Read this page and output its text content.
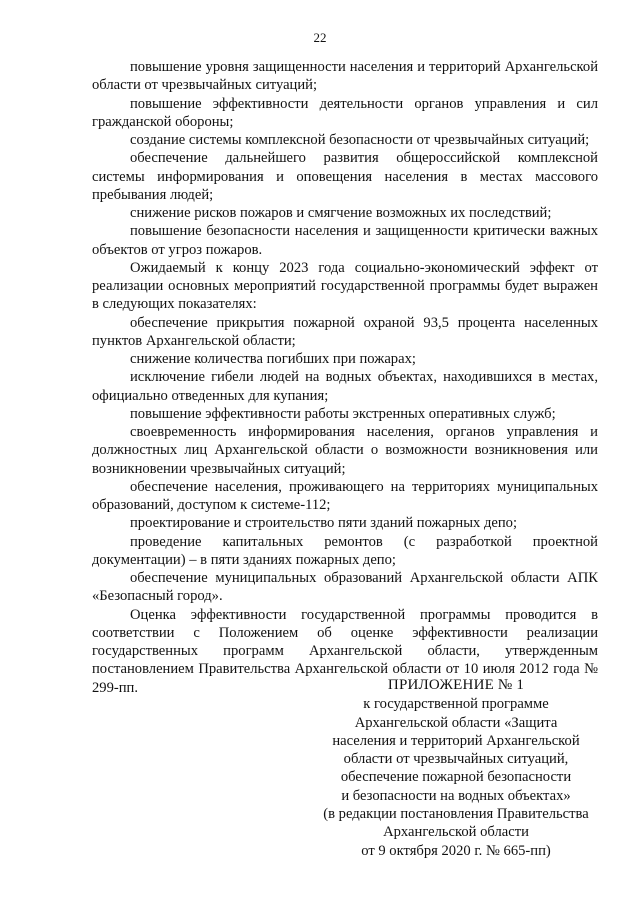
22

повышение уровня защищенности населения и территорий Архангельской области от чрезвычайных ситуаций;

повышение эффективности деятельности органов управления и сил гражданской обороны;

создание системы комплексной безопасности от чрезвычайных ситуаций;

обеспечение дальнейшего развития общероссийской комплексной системы информирования и оповещения населения в местах массового пребывания людей;

снижение рисков пожаров и смягчение возможных их последствий;

повышение безопасности населения и защищенности критически важных объектов от угроз пожаров.

Ожидаемый к концу 2023 года социально-экономический эффект от реализации основных мероприятий государственной программы будет выражен в следующих показателях:

обеспечение прикрытия пожарной охраной 93,5 процента населенных пунктов Архангельской области;

снижение количества погибших при пожарах;

исключение гибели людей на водных объектах, находившихся в местах, официально отведенных для купания;

повышение эффективности работы экстренных оперативных служб;

своевременность информирования населения, органов управления и должностных лиц Архангельской области о возможности возникновения или возникновении чрезвычайных ситуаций;

обеспечение населения, проживающего на территориях муниципальных образований, доступом к системе-112;

проектирование и строительство пяти зданий пожарных депо;

проведение капитальных ремонтов (с разработкой проектной документации) – в пяти зданиях пожарных депо;

обеспечение муниципальных образований Архангельской области АПК «Безопасный город».

Оценка эффективности государственной программы проводится в соответствии с Положением об оценке эффективности реализации государственных программ Архангельской области, утвержденным постановлением Правительства Архангельской области от 10 июля 2012 года № 299-пп.	ПРИЛОЖЕНИЕ № 1
к государственной программе
Архангельской области «Защита
населения и территорий Архангельской
области от чрезвычайных ситуаций,
обеспечение пожарной безопасности
и безопасности на водных объектах»
(в редакции постановления Правительства
Архангельской области
от 9 октября 2020 г. № 665-пп)
